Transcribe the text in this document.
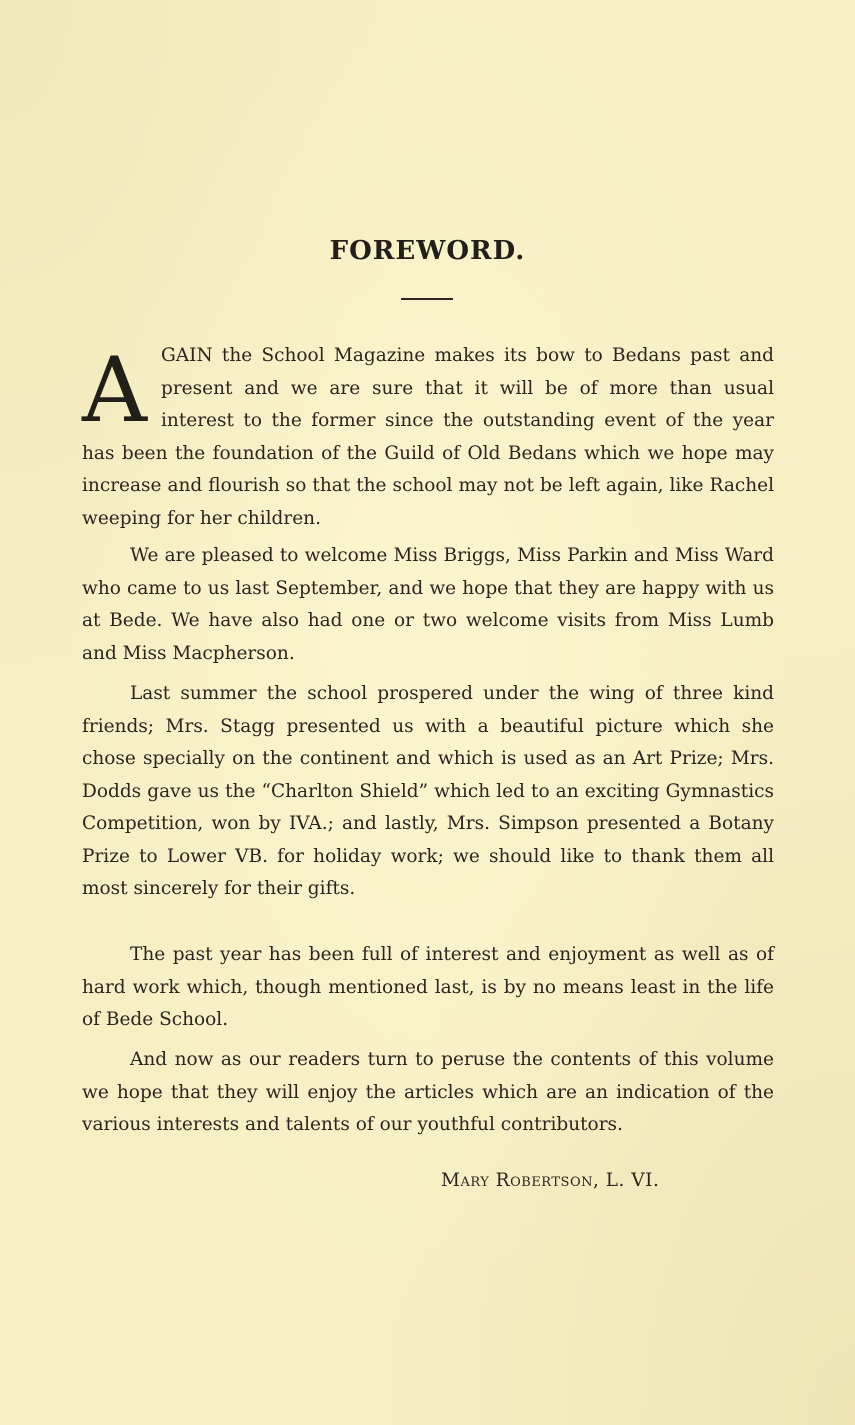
FOREWORD.
AGAIN the School Magazine makes its bow to Bedans past and present and we are sure that it will be of more than usual interest to the former since the outstanding event of the year has been the foundation of the Guild of Old Bedans which we hope may increase and flourish so that the school may not be left again, like Rachel weeping for her children.
We are pleased to welcome Miss Briggs, Miss Parkin and Miss Ward who came to us last September, and we hope that they are happy with us at Bede. We have also had one or two welcome visits from Miss Lumb and Miss Macpherson.
Last summer the school prospered under the wing of three kind friends; Mrs. Stagg presented us with a beautiful picture which she chose specially on the continent and which is used as an Art Prize; Mrs. Dodds gave us the “Charlton Shield” which led to an exciting Gymnastics Competition, won by IVA.; and lastly, Mrs. Simpson presented a Botany Prize to Lower VB. for holiday work; we should like to thank them all most sincerely for their gifts.
The past year has been full of interest and enjoyment as well as of hard work which, though mentioned last, is by no means least in the life of Bede School.
And now as our readers turn to peruse the contents of this volume we hope that they will enjoy the articles which are an indication of the various interests and talents of our youthful contributors.
Mary Robertson, L. VI.
